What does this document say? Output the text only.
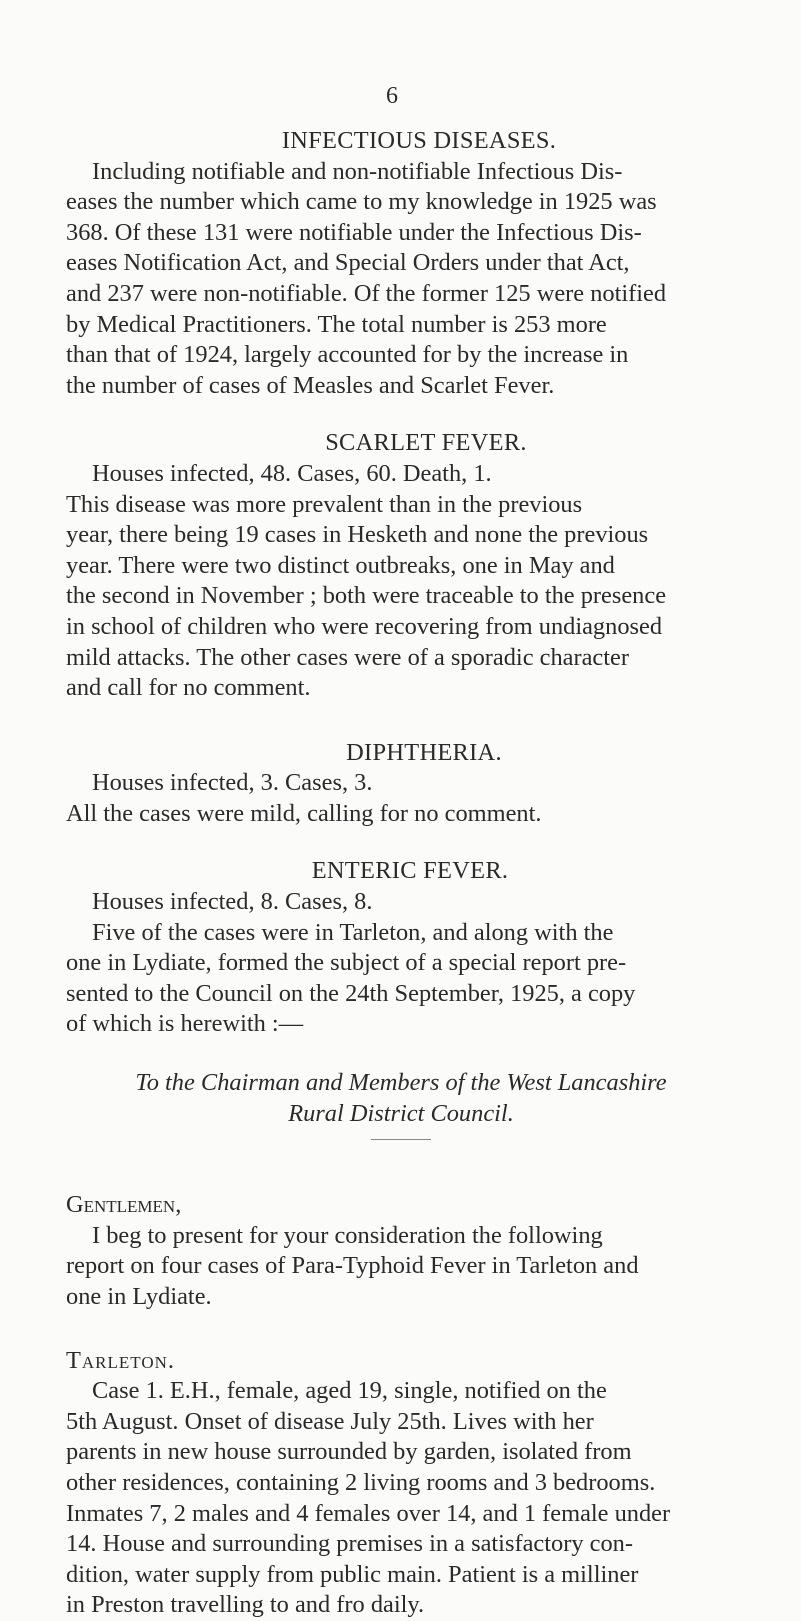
6
INFECTIOUS DISEASES.
Including notifiable and non-notifiable Infectious Dis-
eases the number which came to my knowledge in 1925 was
368. Of these 131 were notifiable under the Infectious Dis-
eases Notification Act, and Special Orders under that Act,
and 237 were non-notifiable. Of the former 125 were notified
by Medical Practitioners. The total number is 253 more
than that of 1924, largely accounted for by the increase in
the number of cases of Measles and Scarlet Fever.
SCARLET FEVER.
Houses infected, 48. Cases, 60. Death, 1.
This disease was more prevalent than in the previous
year, there being 19 cases in Hesketh and none the previous
year. There were two distinct outbreaks, one in May and
the second in November ; both were traceable to the presence
in school of children who were recovering from undiagnosed
mild attacks. The other cases were of a sporadic character
and call for no comment.
DIPHTHERIA.
Houses infected, 3. Cases, 3.
All the cases were mild, calling for no comment.
ENTERIC FEVER.
Houses infected, 8. Cases, 8.
Five of the cases were in Tarleton, and along with the
one in Lydiate, formed the subject of a special report pre-
sented to the Council on the 24th September, 1925, a copy
of which is herewith :—
To the Chairman and Members of the West Lancashire
Rural District Council.
Gentlemen,
I beg to present for your consideration the following
report on four cases of Para-Typhoid Fever in Tarleton and
one in Lydiate.
Tarleton.
Case 1. E.H., female, aged 19, single, notified on the
5th August. Onset of disease July 25th. Lives with her
parents in new house surrounded by garden, isolated from
other residences, containing 2 living rooms and 3 bedrooms.
Inmates 7, 2 males and 4 females over 14, and 1 female under
14. House and surrounding premises in a satisfactory con-
dition, water supply from public main. Patient is a milliner
in Preston travelling to and fro daily.
